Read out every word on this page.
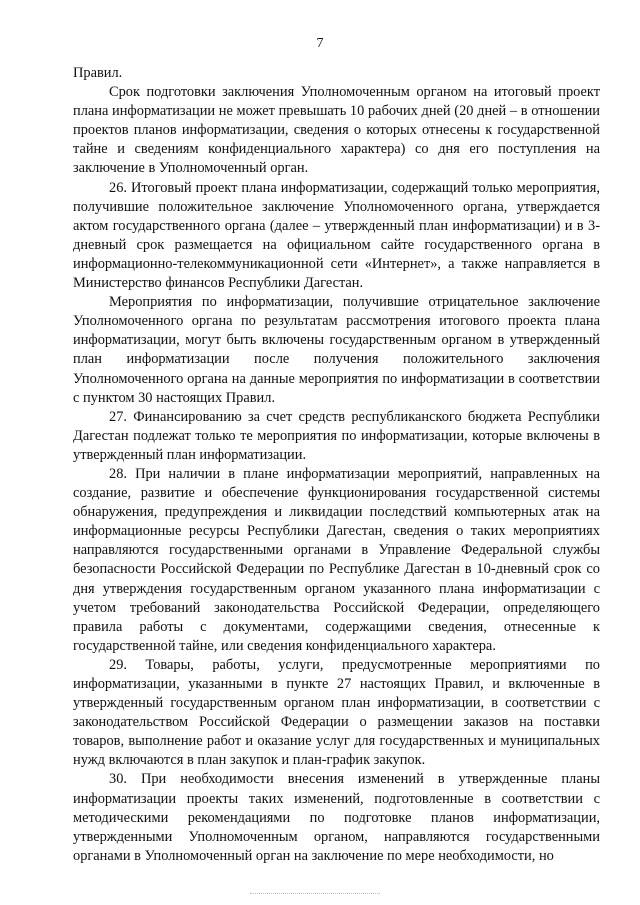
7

Правил.

Срок подготовки заключения Уполномоченным органом на итоговый проект плана информатизации не может превышать 10 рабочих дней (20 дней – в отношении проектов планов информатизации, сведения о которых отнесены к государственной тайне и сведениям конфиденциального характера) со дня его поступления на заключение в Уполномоченный орган.

26. Итоговый проект плана информатизации, содержащий только мероприятия, получившие положительное заключение Уполномоченного органа, утверждается актом государственного органа (далее – утвержденный план информатизации) и в 3-дневный срок размещается на официальном сайте государственного органа в информационно-телекоммуникационной сети «Интернет», а также направляется в Министерство финансов Республики Дагестан.

Мероприятия по информатизации, получившие отрицательное заключение Уполномоченного органа по результатам рассмотрения итогового проекта плана информатизации, могут быть включены государственным органом в утвержденный план информатизации после получения положительного заключения Уполномоченного органа на данные мероприятия по информатизации в соответствии с пунктом 30 настоящих Правил.

27. Финансированию за счет средств республиканского бюджета Республики Дагестан подлежат только те мероприятия по информатизации, которые включены в утвержденный план информатизации.

28. При наличии в плане информатизации мероприятий, направленных на создание, развитие и обеспечение функционирования государственной системы обнаружения, предупреждения и ликвидации последствий компьютерных атак на информационные ресурсы Республики Дагестан, сведения о таких мероприятиях направляются государственными органами в Управление Федеральной службы безопасности Российской Федерации по Республике Дагестан в 10-дневный срок со дня утверждения государственным органом указанного плана информатизации с учетом требований законодательства Российской Федерации, определяющего правила работы с документами, содержащими сведения, отнесенные к государственной тайне, или сведения конфиденциального характера.

29. Товары, работы, услуги, предусмотренные мероприятиями по информатизации, указанными в пункте 27 настоящих Правил, и включенные в утвержденный государственным органом план информатизации, в соответствии с законодательством Российской Федерации о размещении заказов на поставки товаров, выполнение работ и оказание услуг для государственных и муниципальных нужд включаются в план закупок и план-график закупок.

30. При необходимости внесения изменений в утвержденные планы информатизации проекты таких изменений, подготовленные в соответствии с методическими рекомендациями по подготовке планов информатизации, утвержденными Уполномоченным органом, направляются государственными органами в Уполномоченный орган на заключение по мере необходимости, но
